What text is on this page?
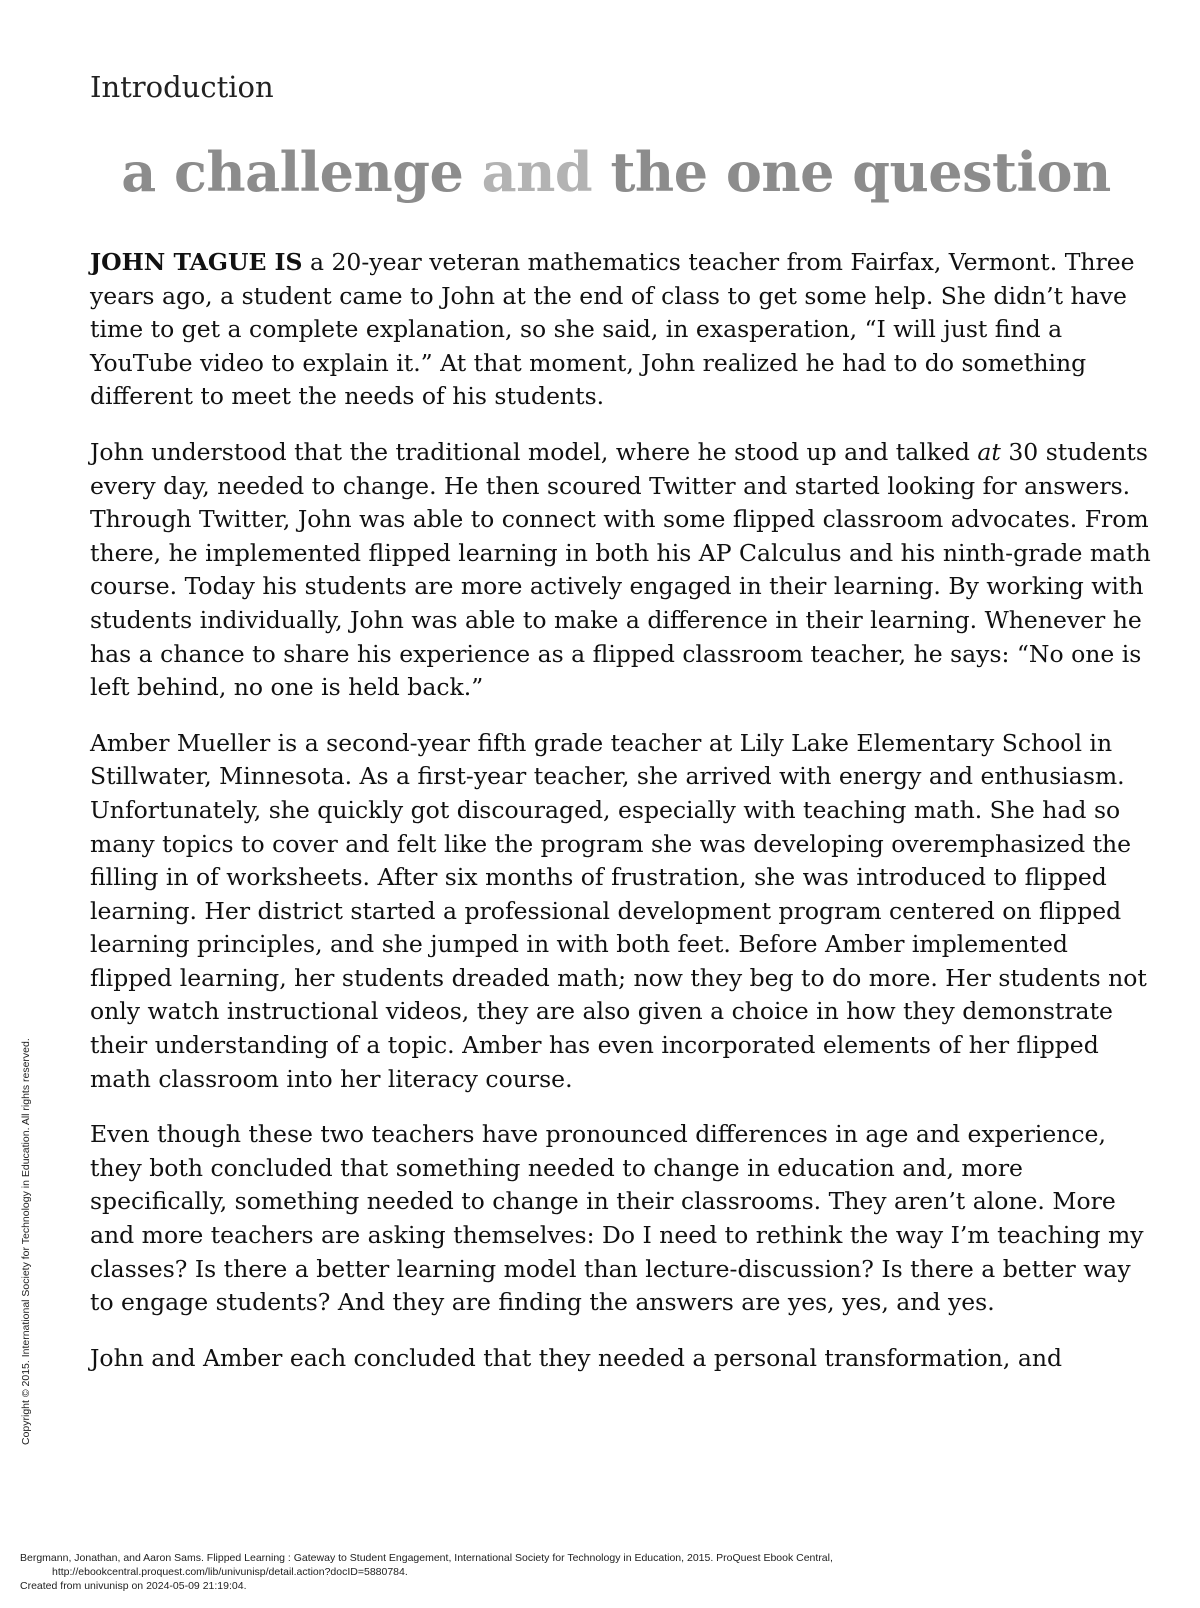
Introduction
a challenge and the one question

JOHN TAGUE IS a 20-year veteran mathematics teacher from Fairfax, Vermont. Three years ago, a student came to John at the end of class to get some help. She didn’t have time to get a complete explanation, so she said, in exasperation, “I will just find a YouTube video to explain it.” At that moment, John realized he had to do something different to meet the needs of his students.

John understood that the traditional model, where he stood up and talked at 30 students every day, needed to change. He then scoured Twitter and started looking for answers. Through Twitter, John was able to connect with some flipped classroom advocates. From there, he implemented flipped learning in both his AP Calculus and his ninth-grade math course. Today his students are more actively engaged in their learning. By working with students individually, John was able to make a difference in their learning. Whenever he has a chance to share his experience as a flipped classroom teacher, he says: “No one is left behind, no one is held back.”

Amber Mueller is a second-year fifth grade teacher at Lily Lake Elementary School in Stillwater, Minnesota. As a first-year teacher, she arrived with energy and enthusiasm. Unfortunately, she quickly got discouraged, especially with teaching math. She had so many topics to cover and felt like the program she was developing overemphasized the filling in of worksheets. After six months of frustration, she was introduced to flipped learning. Her district started a professional development program centered on flipped learning principles, and she jumped in with both feet. Before Amber implemented flipped learning, her students dreaded math; now they beg to do more. Her students not only watch instructional videos, they are also given a choice in how they demonstrate their understanding of a topic. Amber has even incorporated elements of her flipped math classroom into her literacy course.

Even though these two teachers have pronounced differences in age and experience, they both concluded that something needed to change in education and, more specifically, something needed to change in their classrooms. They aren’t alone. More and more teachers are asking themselves: Do I need to rethink the way I’m teaching my classes? Is there a better learning model than lecture-discussion? Is there a better way to engage students? And they are finding the answers are yes, yes, and yes.

John and Amber each concluded that they needed a personal transformation, and

Copyright © 2015. International Society for Technology in Education. All rights reserved.
Bergmann, Jonathan, and Aaron Sams. Flipped Learning : Gateway to Student Engagement, International Society for Technology in Education, 2015. ProQuest Ebook Central,
http://ebookcentral.proquest.com/lib/univunisp/detail.action?docID=5880784.
Created from univunisp on 2024-05-09 21:19:04.
